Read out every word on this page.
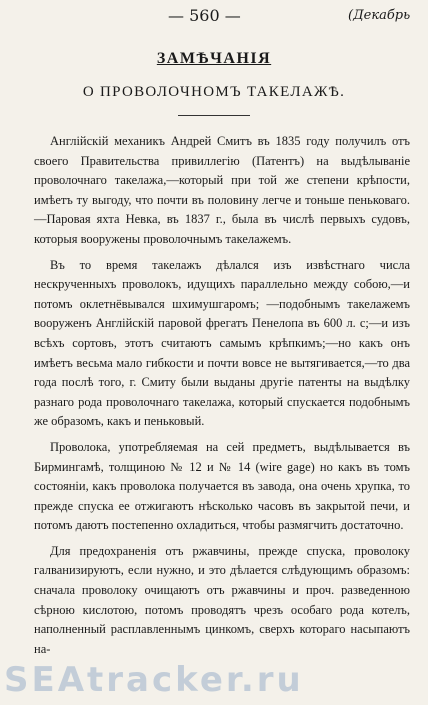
— 560 —	(Декабрь
ЗАМѢЧАНІЯ
О ПРОВОЛОЧНОМЪ ТАКЕЛАЖѢ.

Англійскій механикъ Андрей Смитъ въ 1835 году получилъ отъ своего Правительства привиллегію (Патентъ) на выдѣлываніе проволочнаго такелажа,—который при той же степени крѣпости, имѣетъ ту выгоду, что почти въ половину легче и тоньше пеньковаго.—Паровая яхта Невка, въ 1837 г., была въ числѣ первыхъ судовъ, которыя вооружены проволочнымъ такелажемъ.

Въ то время такелажъ дѣлался изъ извѣстнаго числа нескрученныхъ проволокъ, идущихъ параллельно между собою,—и потомъ оклетнёвывался шхимушгаромъ; —подобнымъ такелажемъ вооруженъ Англійскій паровой фрегатъ Пенелопа въ 600 л. с;—и изъ всѣхъ сортовъ, этотъ считаютъ самымъ крѣпкимъ;—но какъ онъ имѣетъ весьма мало гибкости и почти вовсе не вытягивается,—то два года послѣ того, г. Смиту были выданы другіе патенты на выдѣлку разнаго рода проволочнаго такелажа, который спускается подобнымъ же образомъ, какъ и пеньковый.

Проволока, употребляемая на сей предметъ, выдѣлывается въ Бирмингамѣ, толщиною № 12 и № 14 (wire gage) но какъ въ томъ состояніи, какъ проволока получается въ завода, она очень хрупка, то прежде спуска ее отжигаютъ нѣсколько часовъ въ закрытой печи, и потомъ даютъ постепенно охладиться, чтобы размягчить достаточно.

Для предохраненія отъ ржавчины, прежде спуска, проволоку галванизируютъ, если нужно, и это дѣлается слѣдующимъ образомъ: сначала проволоку очищаютъ отъ ржавчины и проч. разведенною сѣрною кислотою, потомъ проводятъ чрезъ особаго рода котелъ, наполненный расплавленнымъ цинкомъ, сверхъ котораго насыпаютъ на-

SEAtracker.ru
